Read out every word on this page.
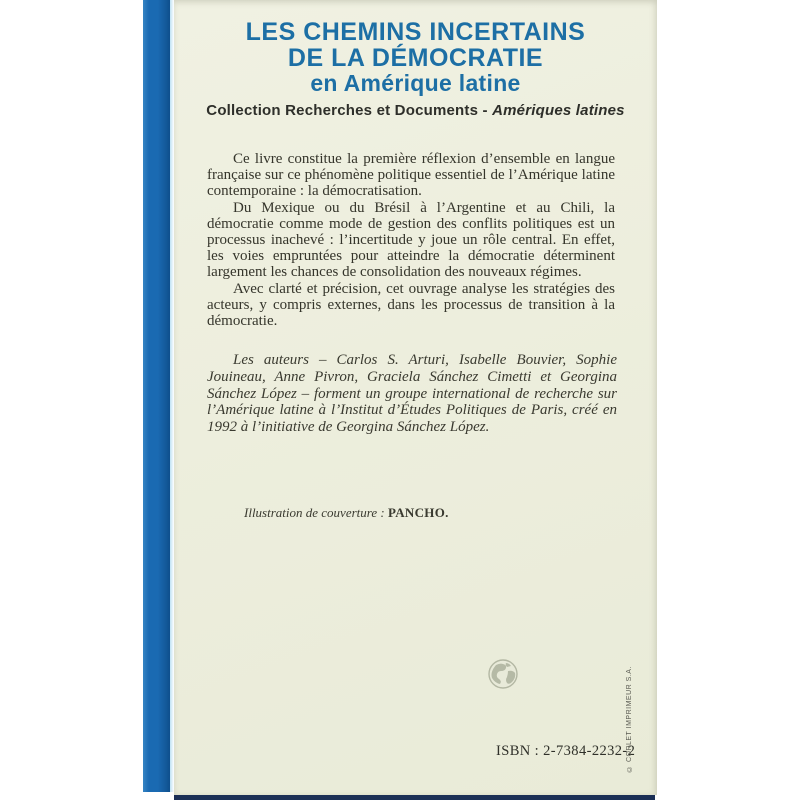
LES CHEMINS INCERTAINS
DE LA DÉMOCRATIE
en Amérique latine
Collection Recherches et Documents - Amériques latines

Ce livre constitue la première réflexion d’ensemble en langue française sur ce phénomène politique essentiel de l’Amérique latine contemporaine : la démocratisation.

Du Mexique ou du Brésil à l’Argentine et au Chili, la démocratie comme mode de gestion des conflits politiques est un processus inachevé : l’incertitude y joue un rôle central. En effet, les voies empruntées pour atteindre la démocratie déterminent largement les chances de consolidation des nouveaux régimes.

Avec clarté et précision, cet ouvrage analyse les stratégies des acteurs, y compris externes, dans les processus de transition à la démocratie.

Les auteurs – Carlos S. Arturi, Isabelle Bouvier, Sophie Jouineau, Anne Pivron, Graciela Sánchez Cimetti et Georgina Sánchez López – forment un groupe international de recherche sur l’Amérique latine à l’Institut d’Études Politiques de Paris, créé en 1992 à l’initiative de Georgina Sánchez López.

Illustration de couverture : PANCHO.
ISBN : 2-7384-2232-2
© CORLET IMPRIMEUR S.A.
